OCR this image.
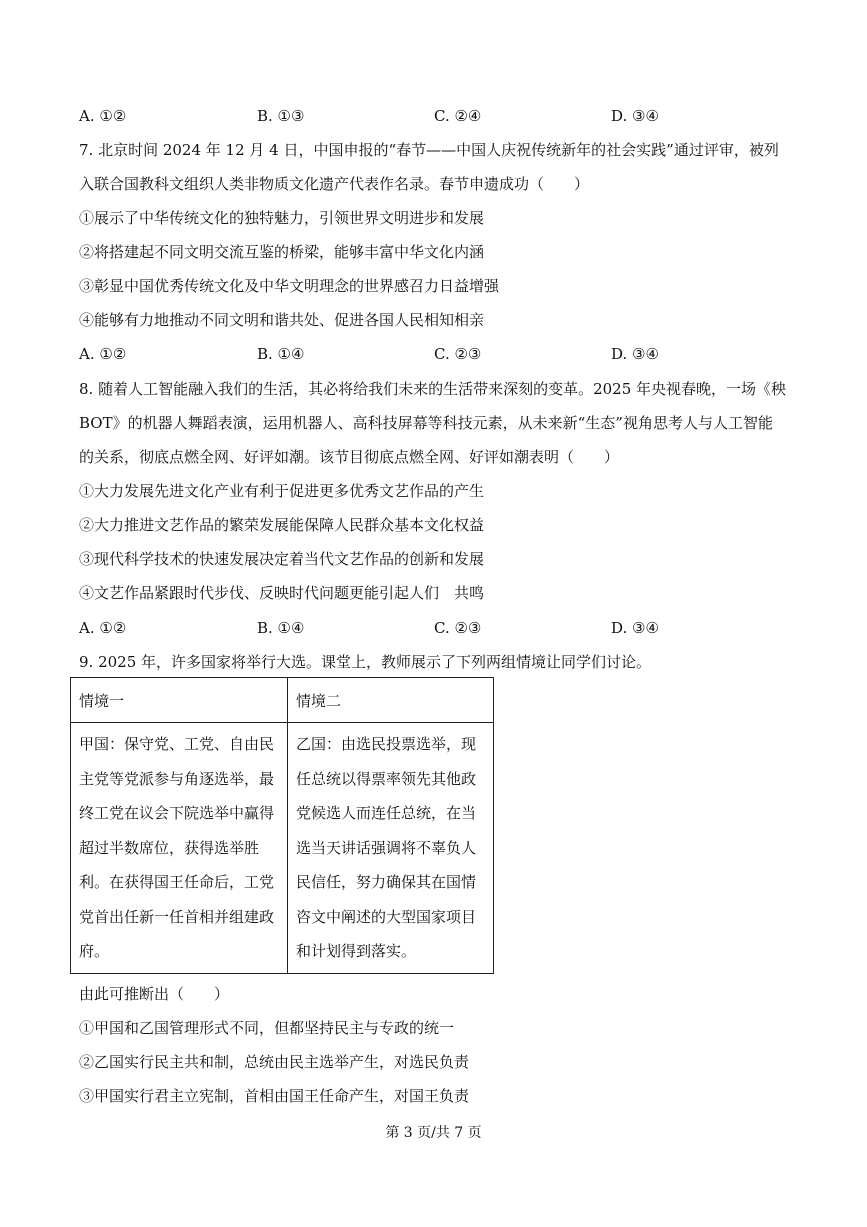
A. ①②	B. ①③	C. ②④	D. ③④
7. 北京时间 2024 年 12 月 4 日，中国申报的“春节——中国人庆祝传统新年的社会实践”通过评审，被列
入联合国教科文组织人类非物质文化遗产代表作名录。春节申遗成功（　　）
①展示了中华传统文化的独特魅力，引领世界文明进步和发展
②将搭建起不同文明交流互鉴的桥梁，能够丰富中华文化内涵
③彰显中国优秀传统文化及中华文明理念的世界感召力日益增强
④能够有力地推动不同文明和谐共处、促进各国人民相知相亲
A. ①②	B. ①④	C. ②③	D. ③④
8. 随着人工智能融入我们的生活，其必将给我们未来的生活带来深刻的变革。2025 年央视春晚，一场《秧
BOT》的机器人舞蹈表演，运用机器人、高科技屏幕等科技元素，从未来新“生态”视角思考人与人工智能
的关系，彻底点燃全网、好评如潮。该节目彻底点燃全网、好评如潮表明（　　）
①大力发展先进文化产业有利于促进更多优秀文艺作品的产生
②大力推进文艺作品的繁荣发展能保障人民群众基本文化权益
③现代科学技术的快速发展决定着当代文艺作品的创新和发展
④文艺作品紧跟时代步伐、反映时代问题更能引起人们　共鸣
A. ①②	B. ①④	C. ②③	D. ③④
9. 2025 年，许多国家将举行大选。课堂上，教师展示了下列两组情境让同学们讨论。
情境一	情境二
甲国：保守党、工党、自由民主党等党派参与角逐选举，最终工党在议会下院选举中赢得超过半数席位，获得选举胜利。在获得国王任命后，工党党首出任新一任首相并组建政府。	乙国：由选民投票选举，现任总统以得票率领先其他政党候选人而连任总统，在当选当天讲话强调将不辜负人民信任，努力确保其在国情咨文中阐述的大型国家项目和计划得到落实。
由此可推断出（　　）
①甲国和乙国管理形式不同，但都坚持民主与专政的统一
②乙国实行民主共和制，总统由民主选举产生，对选民负责
③甲国实行君主立宪制，首相由国王任命产生，对国王负责
第 3 页/共 7 页
